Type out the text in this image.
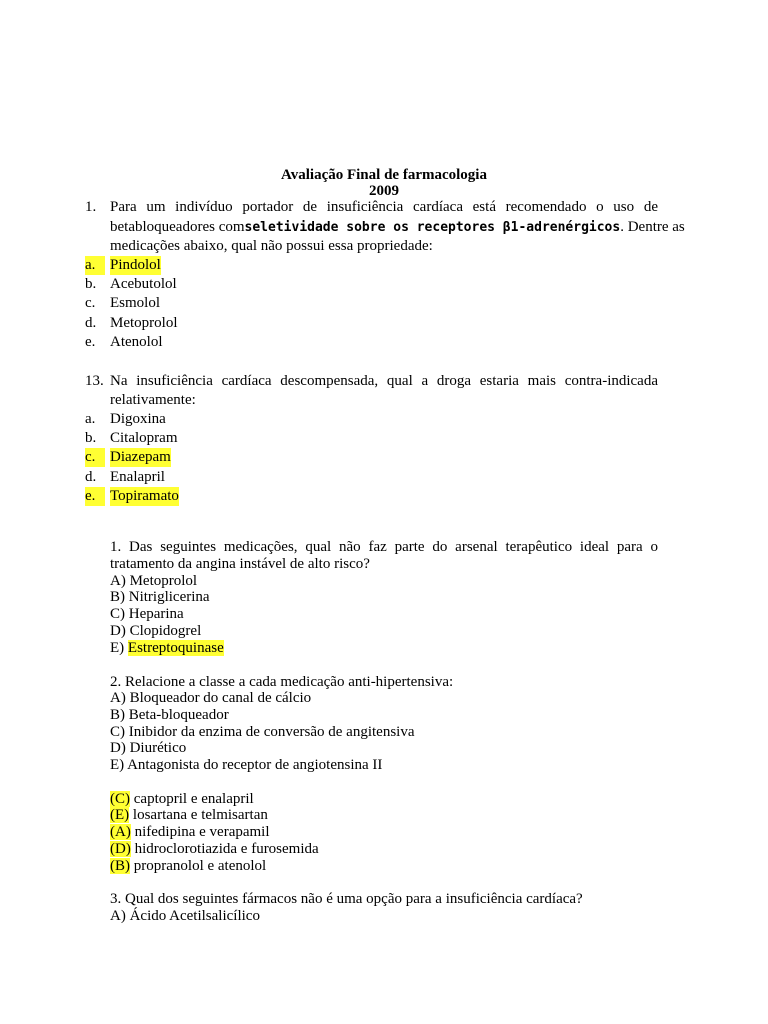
Avaliação Final de farmacologia
2009
1. Para um indivíduo portador de insuficiência cardíaca está recomendado o uso de
betabloqueadores com seletividade sobre os receptores β1-adrenérgicos. Dentre as
medicações abaixo, qual não possui essa propriedade:
a. Pindolol
b. Acebutolol
c. Esmolol
d. Metoprolol
e. Atenolol
13. Na insuficiência cardíaca descompensada, qual a droga estaria mais contra-indicada
relativamente:
a. Digoxina
b. Citalopram
c. Diazepam
d. Enalapril
e. Topiramato
1. Das seguintes medicações, qual não faz parte do arsenal terapêutico ideal para o
tratamento da angina instável de alto risco?
A) Metoprolol
B) Nitriglicerina
C) Heparina
D) Clopidogrel
E) Estreptoquinase
2. Relacione a classe a cada medicação anti-hipertensiva:
A) Bloqueador do canal de cálcio
B) Beta-bloqueador
C) Inibidor da enzima de conversão de angitensiva
D) Diurético
E) Antagonista do receptor de angiotensina II
(C) captopril e enalapril
(E) losartana e telmisartan
(A) nifedipina e verapamil
(D) hidroclorotiazida e furosemida
(B) propranolol e atenolol
3. Qual dos seguintes fármacos não é uma opção para a insuficiência cardíaca?
A) Ácido Acetilsalicílico
